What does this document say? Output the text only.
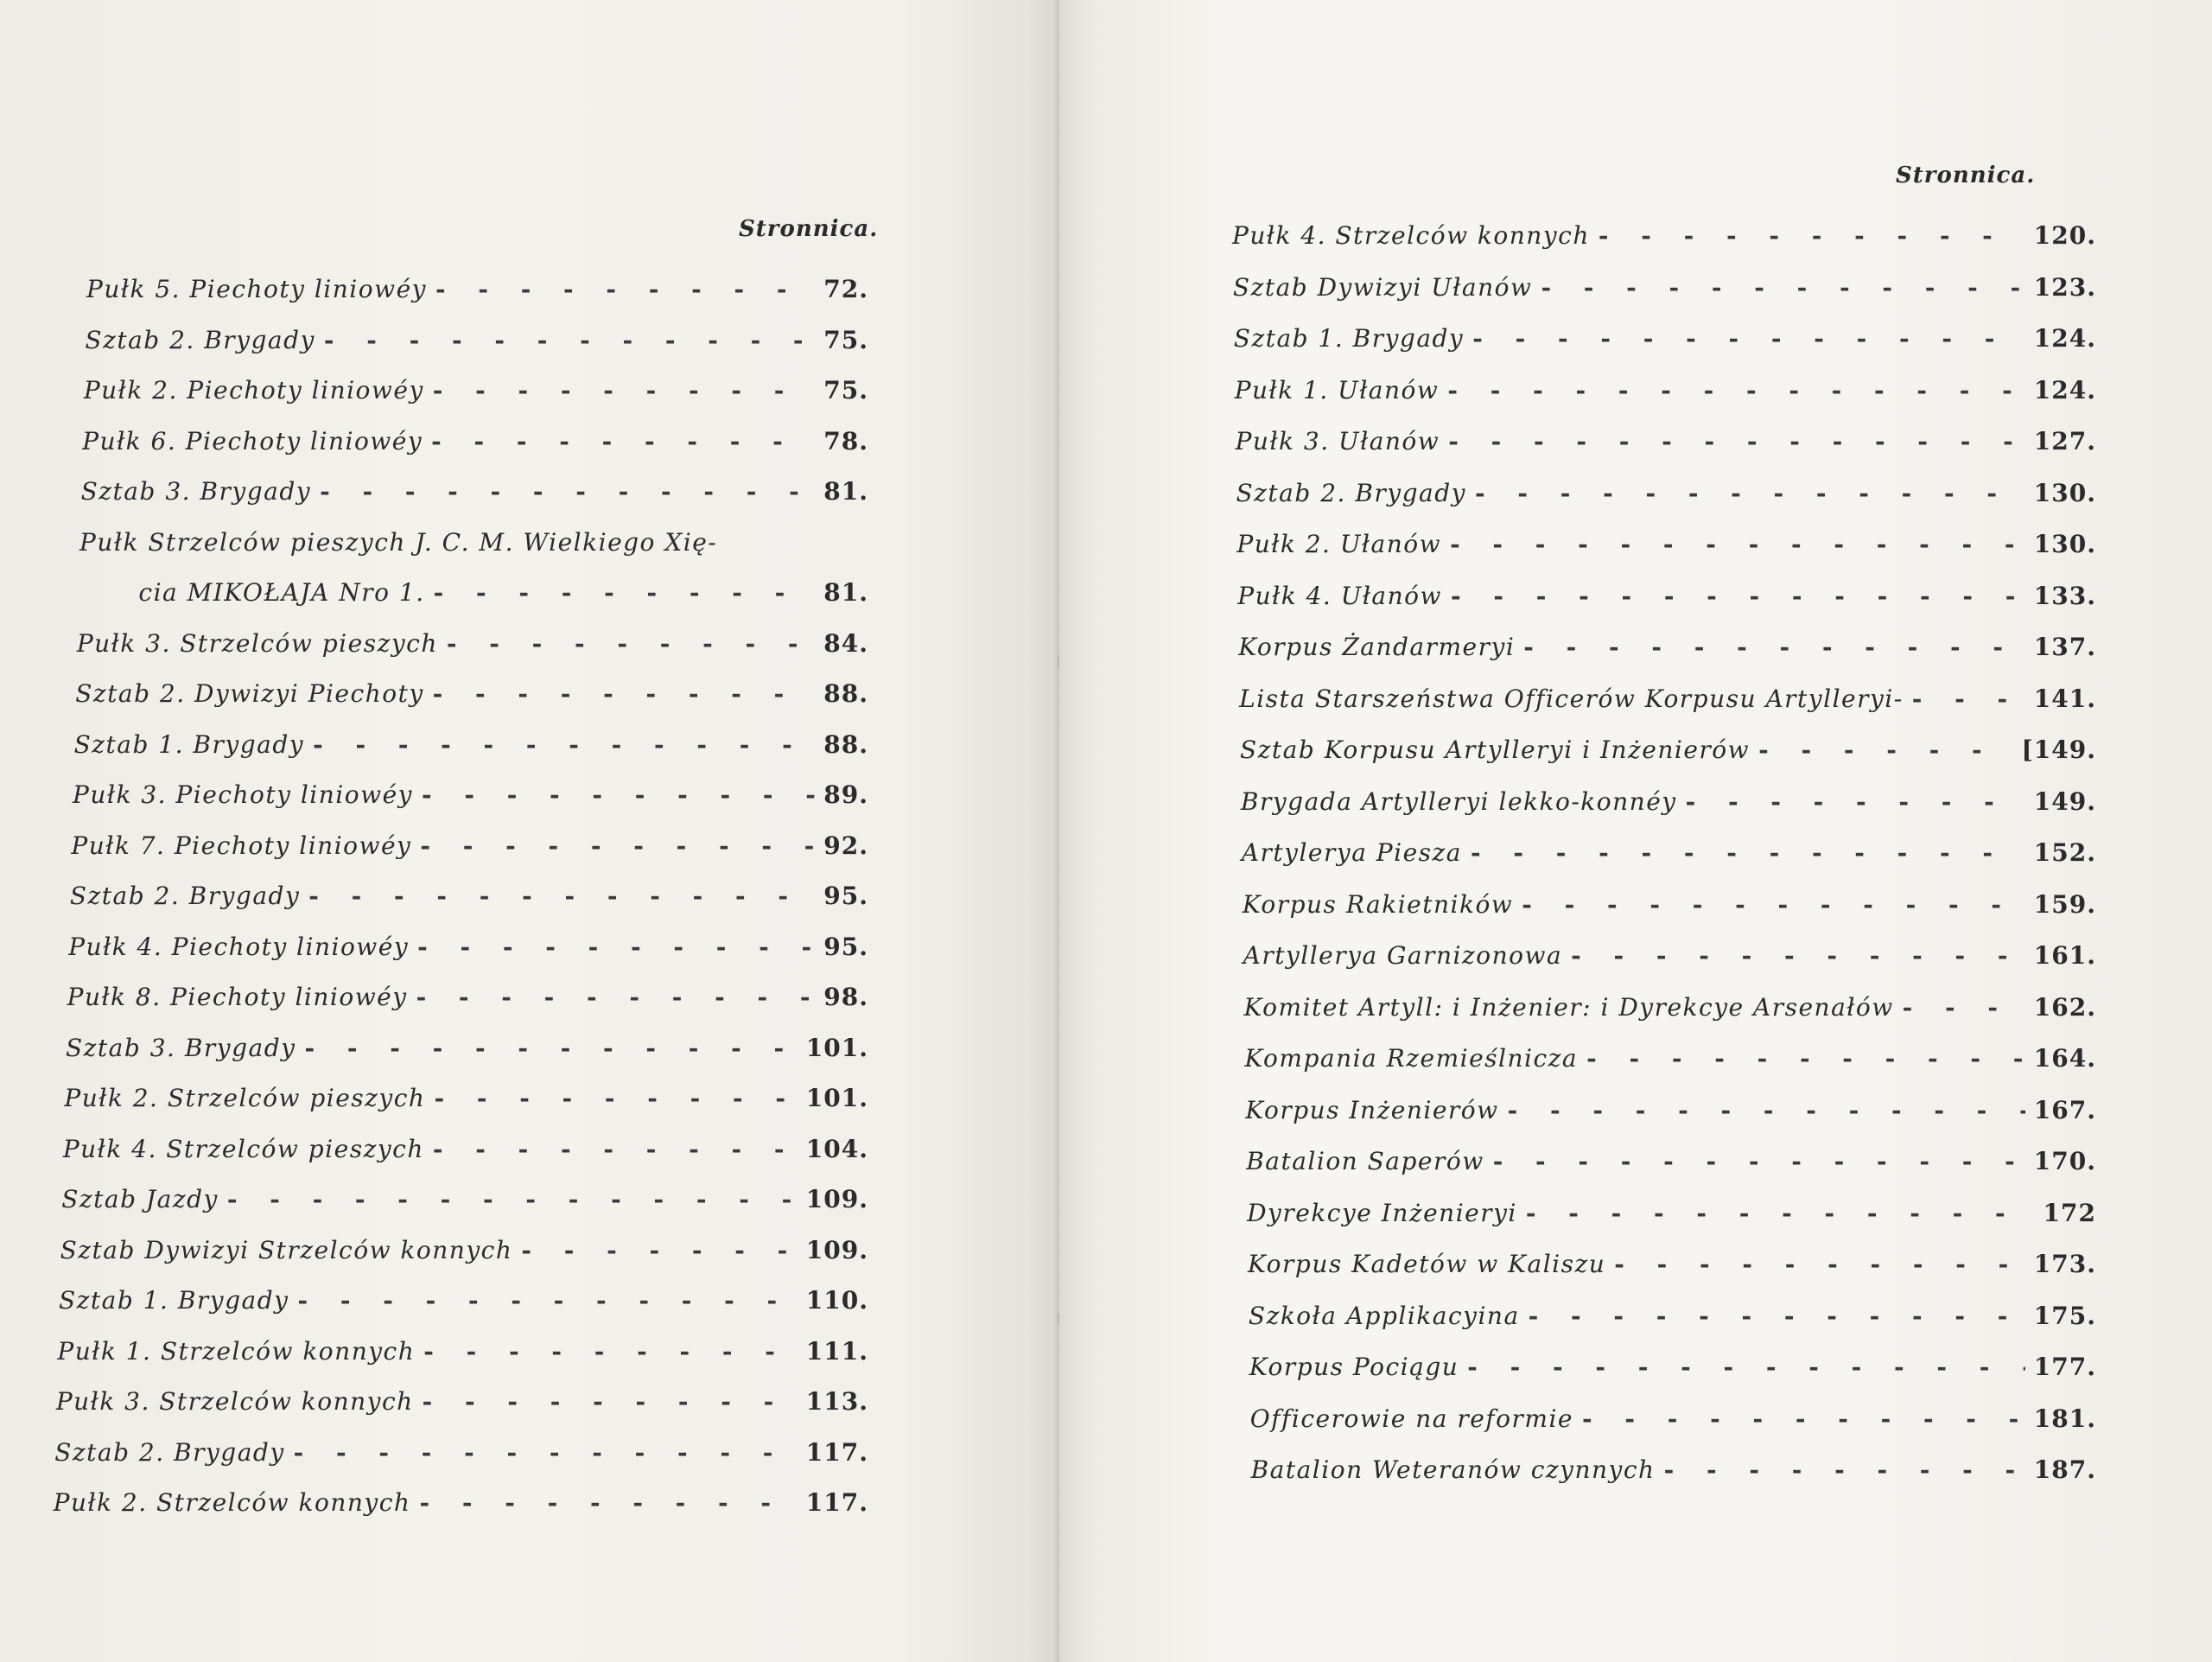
Stronnica.
Pułk 5. Piechoty liniowéy - - -	72.
Sztab 2. Brygady - - -	75.
Pułk 2. Piechoty liniowéy - - -	75.
Pułk 6. Piechoty liniowéy - - -	78.
Sztab 3. Brygady - - -	81.
Pułk Strzelców pieszych J. C. M. Wielkiego Xię-
cia MIKOŁAJA Nro 1. - - -	81.
Pułk 3. Strzelców pieszych - - -	84.
Sztab 2. Dywizyi Piechoty - - -	88.
Sztab 1. Brygady - - -	88.
Pułk 3. Piechoty liniowéy - - -	89.
Pułk 7. Piechoty liniowéy - - -	92.
Sztab 2. Brygady - - -	95.
Pułk 4. Piechoty liniowéy - - -	95.
Pułk 8. Piechoty liniowéy - - -	98.
Sztab 3. Brygady - - -	101.
Pułk 2. Strzelców pieszych - - -	101.
Pułk 4. Strzelców pieszych - - -	104.
Sztab Jazdy - - -	109.
Sztab Dywizyi Strzelców konnych - - -	109.
Sztab 1. Brygady - - -	110.
Pułk 1. Strzelców konnych - - -	111.
Pułk 3. Strzelców konnych - - -	113.
Sztab 2. Brygady - - -	117.
Pułk 2. Strzelców konnych - - -	117.
Stronnica.
Pułk 4. Strzelców konnych - - -	120.
Sztab Dywizyi Ułanów - - -	123.
Sztab 1. Brygady - - -	124.
Pułk 1. Ułanów - - -	124.
Pułk 3. Ułanów - - -	127.
Sztab 2. Brygady - - -	130.
Pułk 2. Ułanów - - -	130.
Pułk 4. Ułanów - - -	133.
Korpus Żandarmeryi - - -	137.
Lista Starszeństwa Officerów Korpusu Artylleryi- - - -	141.
Sztab Korpusu Artylleryi i Inżenierów - - -	[149.
Brygada Artylleryi lekko-konnéy - - -	149.
Artylerya Piesza - - -	152.
Korpus Rakietników - - -	159.
Artyllerya Garnizonowa - - -	161.
Komitet Artyll: i Inżenier: i Dyrekcye Arsenałów - - -	162.
Kompania Rzemieślnicza - - -	164.
Korpus Inżenierów - - -	167.
Batalion Saperów - - -	170.
Dyrekcye Inżenieryi - - -	172
Korpus Kadetów w Kaliszu - - -	173.
Szkoła Applikacyina - - -	175.
Korpus Pociągu - - -	177.
Officerowie na reformie - - -	181.
Batalion Weteranów czynnych - - -	187.
